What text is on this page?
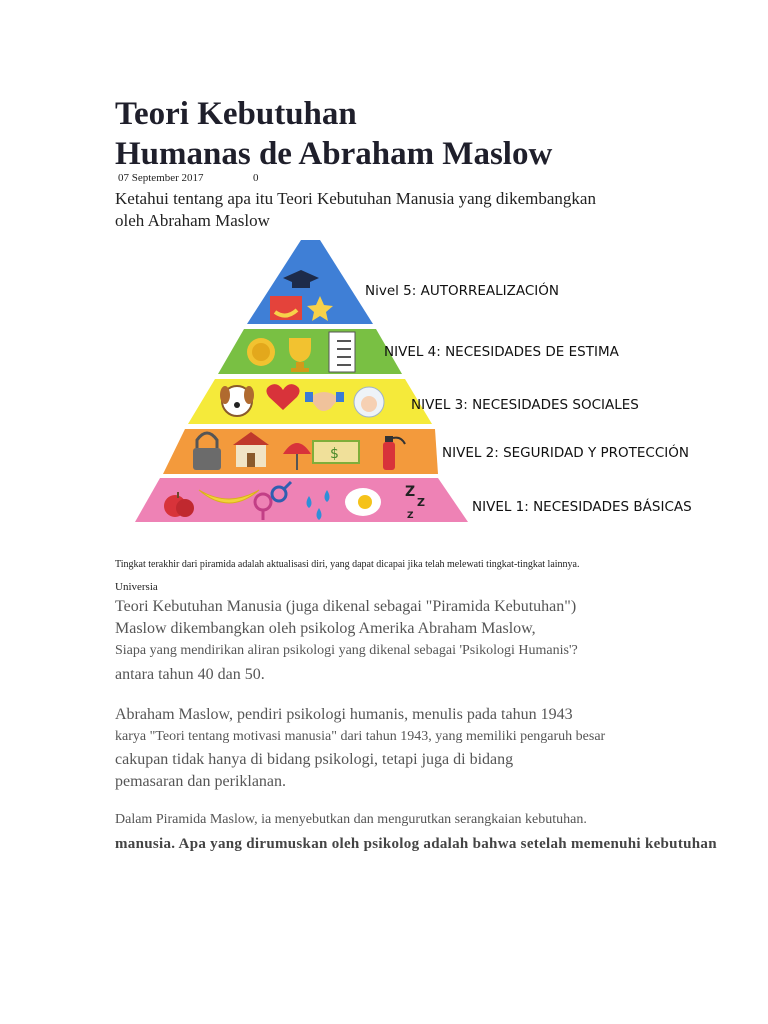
Teori Kebutuhan
Humanas de Abraham Maslow
07 September 2017	0
Ketahui tentang apa itu Teori Kebutuhan Manusia yang dikembangkan
oleh Abraham Maslow
$
Z
Z
Z
Nivel 5: AUTORREALIZACIÓN
NIVEL 4: NECESIDADES DE ESTIMA
NIVEL 3: NECESIDADES SOCIALES
NIVEL 2: SEGURIDAD Y PROTECCIÓN
NIVEL 1: NECESIDADES BÁSICAS
Tingkat terakhir dari piramida adalah aktualisasi diri, yang dapat dicapai jika telah melewati tingkat-tingkat lainnya.
Universia
Teori Kebutuhan Manusia (juga dikenal sebagai "Piramida Kebutuhan")
Maslow dikembangkan oleh psikolog Amerika Abraham Maslow,
Siapa yang mendirikan aliran psikologi yang dikenal sebagai 'Psikologi Humanis'?
antara tahun 40 dan 50.
Abraham Maslow, pendiri psikologi humanis, menulis pada tahun 1943
karya "Teori tentang motivasi manusia" dari tahun 1943, yang memiliki pengaruh besar
cakupan tidak hanya di bidang psikologi, tetapi juga di bidang
pemasaran dan periklanan.
Dalam Piramida Maslow, ia menyebutkan dan mengurutkan serangkaian kebutuhan.
manusia. Apa yang dirumuskan oleh psikolog adalah bahwa setelah memenuhi kebutuhan
